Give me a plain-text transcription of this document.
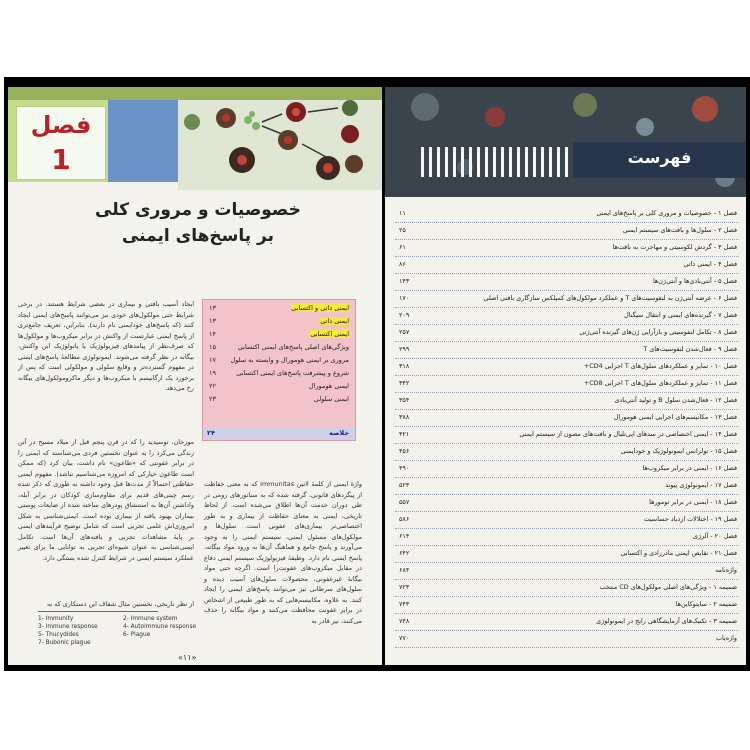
فصل
1
خصوصیات و مروری کلی
بر پاسخ‌های ایمنی
ایمنی ذاتی و اکتسابی
۱۳
ایمنی ذاتی
۱۳
ایمنی اکتسابی
۱۴
ویژگی‌های اصلی پاسخ‌های ایمنی اکتسابی
۱۵
مروری بر ایمنی هومورال و وابسته به سلول
۱۷
شروع و پیشرفت پاسخ‌های ایمنی اکتسابی
۱۹
ایمنی هومورال
۲۲
ایمنی سلولی
۲۳
خلاصه
۲۴
ایجاد آسیب بافتی و بیماری در بعضی شرایط هستند. در برخی شرایط حتی مولکول‌های خودی نیز می‌توانند پاسخ‌های ایمنی ایجاد کنند (که پاسخ‌های خودایمنی نام دارند). بنابراین، تعریف جامع‌تری از پاسخ ایمنی عبارتست از واکنش در برابر میکروب‌ها و مولکول‌ها که صرف‌نظر از پیامدهای فیزیولوژیک یا پاتولوژیک این واکنش، بیگانه در نظر گرفته می‌شوند. ایمونولوژی مطالعهٔ پاسخ‌های ایمنی در مفهوم گسترده‌تر و وقایع سلولی و مولکولی است که پس از برخورد یک ارگانیسم با میکروب‌ها و دیگر ماکرومولکول‌های بیگانه رخ می‌دهد.
مورخان، توسیدید را که در قرن پنجم قبل از میلاد مسیح در آتن زندگی می‌کرد را به عنوان نخستین فردی می‌شناسند که ایمنی را در برابر عفونتی که «طاعون» نام داشت، بیان کرد (که ممکن است طاعون خیارکی که امروزه می‌شناسیم نباشد). مفهوم ایمنی حفاظتی احتمالاً از مدت‌ها قبل وجود داشته به طوری که ذکر شده رسم چینی‌های قدیم برای مقاوم‌سازی کودکان در برابر آبله، واداشتن آن‌ها به استنشاق پودرهای ساخته شده از ضایعات پوستی بیماران بهبود یافته از بیماری بوده است. ایمنی‌شناسی به شکل امروزی‌اش علمی تجربی است که شامل توضیح فرآیندهای ایمنی بر پایهٔ مشاهدات تجربی و یافته‌های آن‌ها است. تکامل ایمنی‌شناسی به عنوان شیوه‌ای تجربی به توانایی ما برای تغییر عملکرد سیستم ایمنی در شرایط کنترل شده بستگی دارد.
از نظر تاریخی، نخستین مثال شفاف این دستکاری که به
واژهٔ ایمنی از کلمهٔ لاتین immunitas که به معنی حفاظت از پیگردهای قانونی، گرفته شده که به سناتورهای رومی در طی دوران خدمت آن‌ها اطلاق می‌شده است. از لحاظ تاریخی، ایمنی به معنای حفاظت از بیماری و به طور اختصاصی‌تر بیماری‌های عفونی است. سلول‌ها و مولکول‌های مسئول ایمنی، سیستم ایمنی را به وجود می‌آورند و پاسخ جامع و هماهنگ آن‌ها به ورود مواد بیگانه، پاسخ ایمنی نام دارد. وظیفهٔ فیزیولوژیک سیستم ایمنی دفاع در مقابل میکروب‌های عفونت‌زا است. اگرچه حتی مواد بیگانهٔ غیرعفونی، محصولات سلول‌های آسیب دیده و سلول‌های سرطانی نیز می‌توانند پاسخ‌های ایمنی را ایجاد کنند. به علاوه، مکانیسم‌هایی که به طور طبیعی از اشخاص در برابر عفونت محافظت می‌کنند و مواد بیگانه را حذف می‌کنند، نیز قادر به
1- Immunity
3- Immune response
5- Thucydides
7- Bubonic plague
2- Immune system
4- Autoimmune response
6- Plague
«۱۱»
فهرست
فصل ۱ - خصوصیات و مروری کلی بر پاسخ‌های ایمنی
۱۱
فصل ۲ - سلول‌ها و بافت‌های سیستم ایمنی
۲۵
فصل ۳ - گردش لکوسیتی و مهاجرت به بافت‌ها
۶۱
فصل ۴ - ایمنی ذاتی
۸۶
فصل ۵ - آنتی‌بادی‌ها و آنتی‌ژن‌ها
۱۴۳
فصل ۶ - عرضه آنتی‌ژن به لنفوسیت‌های T و عملکرد مولکول‌های کمپلکس سازگاری بافتی اصلی
۱۷۰
فصل ۷ - گیرنده‌های ایمنی و انتقال سیگنال
۲۰۹
فصل ۸ - تکامل لنفوسیتی و بازآرایی ژن‌های گیرنده آنتی‌ژنی
۲۵۷
فصل ۹ - فعال‌شدن لنفوسیت‌های T
۲۹۹
فصل ۱۰ - تمایز و عملکردهای سلول‌های T اجرایی CD4+
۳۱۸
فصل ۱۱ - تمایز و عملکردهای سلول‌های T اجرایی CD8+
۳۴۲
فصل ۱۲ - فعال‌شدن سلول B و تولید آنتی‌بادی
۳۵۴
فصل ۱۳ - مکانیسم‌های اجرایی ایمنی هومورال
۳۸۸
فصل ۱۴ - ایمنی اختصاصی در سدهای اپی‌تلیال و بافت‌های مصون از سیستم ایمنی
۴۲۱
فصل ۱۵ - تولرانس ایمونولوژیک و خودایمنی
۴۵۶
فصل ۱۶ - ایمنی در برابر میکروب‌ها
۴۹۰
فصل ۱۷ - ایمونولوژی پیوند
۵۲۳
فصل ۱۸ - ایمنی در برابر تومورها
۵۵۷
فصل ۱۹ - اختلالات ازدیاد حساسیت
۵۸۶
فصل ۲۰ - آلرژی
۶۱۴
فصل ۲۱ - نقایص ایمنی مادرزادی و اکتسابی
۶۴۲
واژه‌نامه
۶۸۴
ضمیمه ۱ - ویژگی‌های اصلی مولکول‌های CD منتخب
۷۲۳
ضمیمه ۲ - سایتوکاین‌ها
۷۴۳
ضمیمه ۳ - تکنیک‌های آزمایشگاهی رایج در ایمونولوژی
۷۴۸
واژه‌یاب
۷۷۰
